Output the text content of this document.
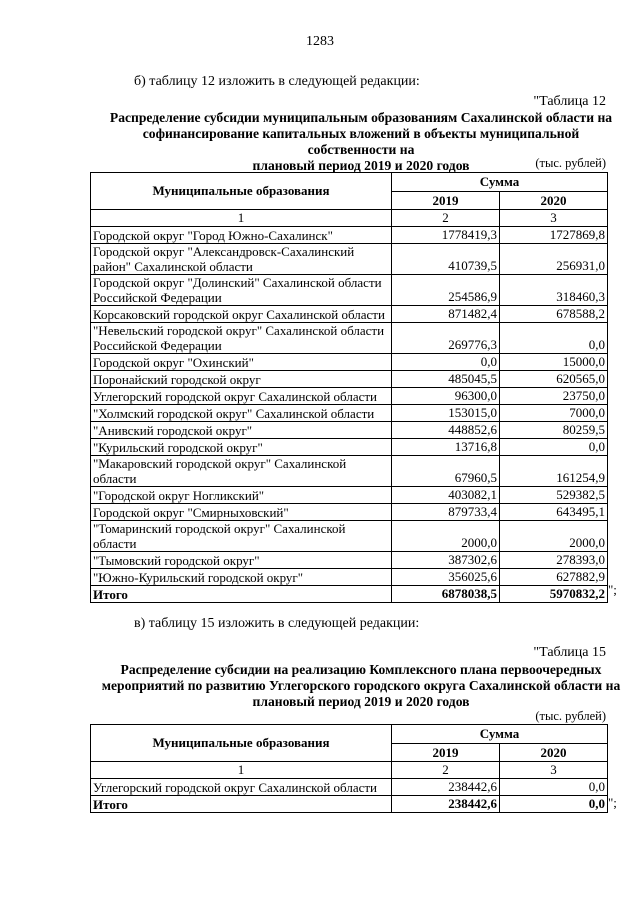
1283
б) таблицу 12 изложить в следующей редакции:
"Таблица 12
Распределение субсидии муниципальным образованиям Сахалинской области на
софинансирование капитальных вложений в объекты муниципальной собственности на
плановый период 2019 и 2020 годов	(тыс. рублей)
Муниципальные образования	Сумма	
	2019	2020
1	2	3
Городской округ "Город Южно-Сахалинск"	1778419,3	1727869,8
Городской округ "Александровск-Сахалинский район" Сахалинской области	410739,5	256931,0
Городской округ "Долинский" Сахалинской области Российской Федерации	254586,9	318460,3
Корсаковский городской округ Сахалинской области	871482,4	678588,2
"Невельский городской округ" Сахалинской области Российской Федерации	269776,3	0,0
Городской округ "Охинский"	0,0	15000,0
Поронайский городской округ	485045,5	620565,0
Углегорский городской округ Сахалинской области	96300,0	23750,0
"Холмский городской округ" Сахалинской области	153015,0	7000,0
"Анивский городской округ"	448852,6	80259,5
"Курильский городской округ"	13716,8	0,0
"Макаровский городской округ" Сахалинской области	67960,5	161254,9
"Городской округ Ногликский"	403082,1	529382,5
Городской округ "Смирныховский"	879733,4	643495,1
"Томаринский городской округ" Сахалинской области	2000,0	2000,0
"Тымовский городской округ"	387302,6	278393,0
"Южно-Курильский городской округ"	356025,6	627882,9
Итого	6878038,5	5970832,2 ";
в) таблицу 15 изложить в следующей редакции:
"Таблица 15
Распределение субсидии на реализацию Комплексного плана первоочередных
мероприятий по развитию Углегорского городского округа Сахалинской области на
плановый период 2019 и 2020 годов
(тыс. рублей)
Муниципальные образования	Сумма	
	2019	2020
1	2	3
Углегорский городской округ Сахалинской области	238442,6	0,0
Итого	238442,6	0,0 ";
